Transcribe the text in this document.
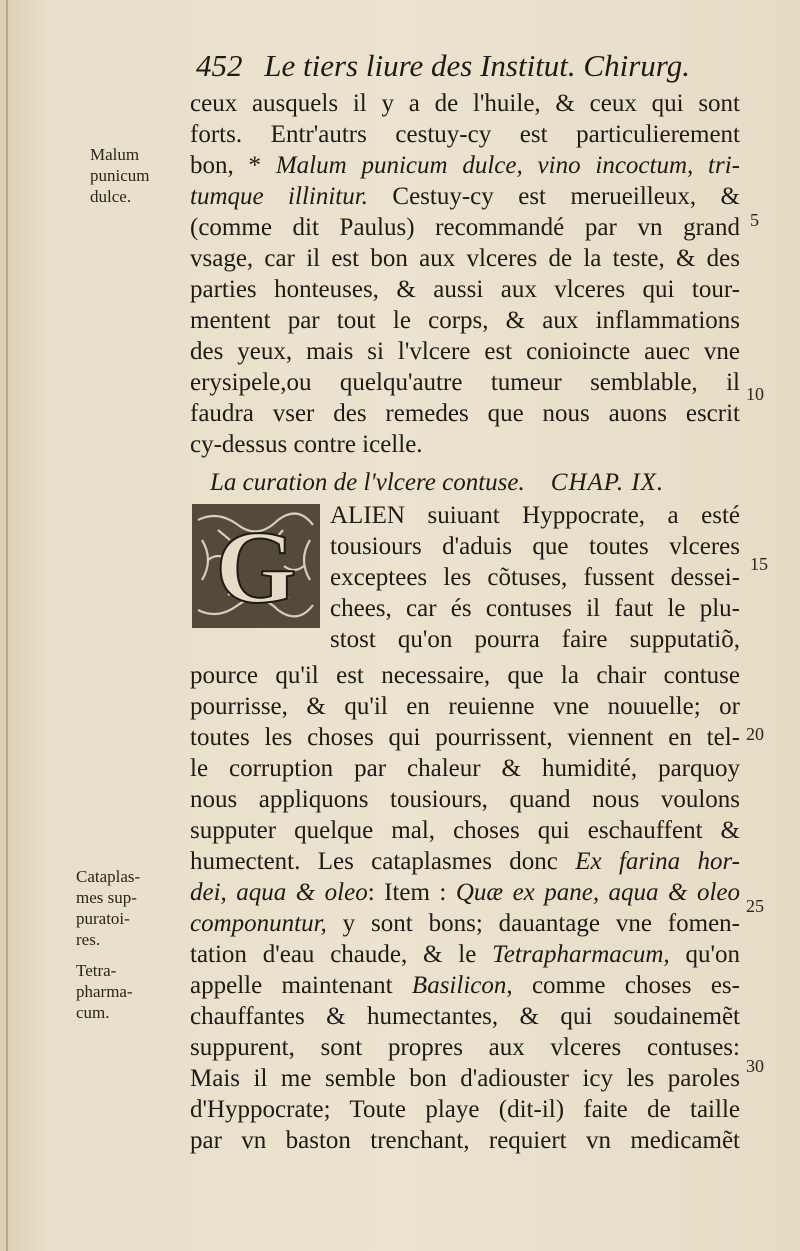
452 Le tiers liure des Institut. Chirurg.
ceux ausquels il y a de l'huile, & ceux qui sont
forts. Entr'autrs cestuy-cy est particulierement
bon, * Malum punicum dulce, vino incoctum, tri-
tumque illinitur. Cestuy-cy est merueilleux, &
(comme dit Paulus) recommandé par vn grand
vsage, car il est bon aux vlceres de la teste, & des
parties honteuses, & aussi aux vlceres qui tour-
mentent par tout le corps, & aux inflammations
des yeux, mais si l'vlcere est conioincte auec vne
erysipele,ou quelqu'autre tumeur semblable, il
faudra vser des remedes que nous auons escrit
cy-dessus contre icelle.
La curation de l'vlcere contuse. CHAP. IX.
G ALIEN suiuant Hyppocrate, a esté
tousiours d'aduis que toutes vlceres
exceptees les cõtuses, fussent dessei-
chees, car és contuses il faut le plu-
stost qu'on pourra faire supputatiõ,
pource qu'il est necessaire, que la chair contuse
pourrisse, & qu'il en reuienne vne nouuelle; or
toutes les choses qui pourrissent, viennent en tel-
le corruption par chaleur & humidité, parquoy
nous appliquons tousiours, quand nous voulons
supputer quelque mal, choses qui eschauffent &
humectent. Les cataplasmes donc Ex farina hor-
dei, aqua & oleo: Item : Quæ ex pane, aqua & oleo
componuntur, y sont bons; dauantage vne fomen-
tation d'eau chaude, & le Tetrapharmacum, qu'on
appelle maintenant Basilicon, comme choses es-
chauffantes & humectantes, & qui soudainemẽt
suppurent, sont propres aux vlceres contuses:
Mais il me semble bon d'adiouster icy les paroles
d'Hyppocrate; Toute playe (dit-il) faite de taille
par vn baston trenchant, requiert vn medicamẽt
Malum
punicum
dulce.
Cataplas-
mes sup-
puratoi-
res.
Tetra-
pharma-
cum.
5
10
15
20
25
30
